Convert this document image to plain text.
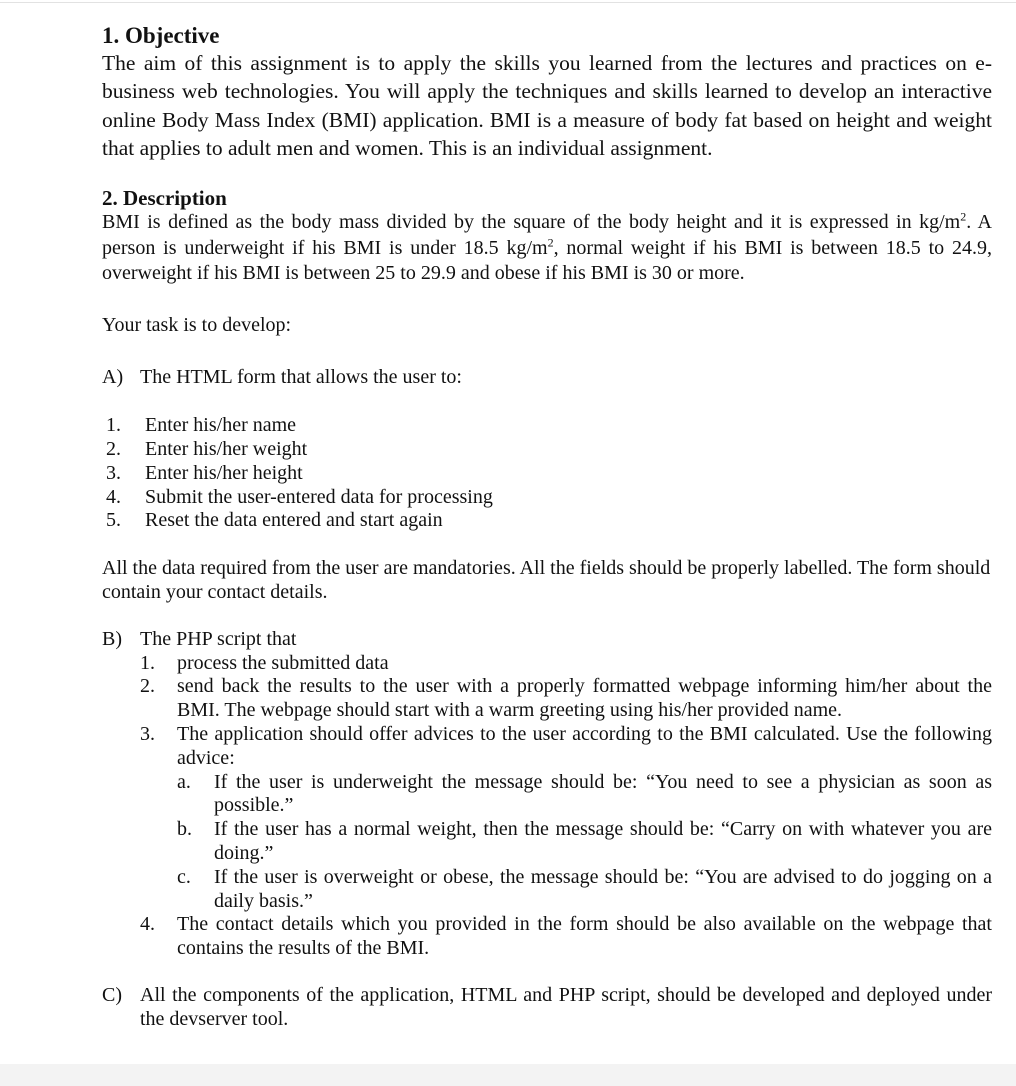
1. Objective

The aim of this assignment is to apply the skills you learned from the lectures and practices on e-business web technologies. You will apply the techniques and skills learned to develop an interactive online Body Mass Index (BMI) application. BMI is a measure of body fat based on height and weight that applies to adult men and women. This is an individual assignment.

2. Description

BMI is defined as the body mass divided by the square of the body height and it is expressed in $kg/m^2$. A person is underweight if his BMI is under 18.5 $kg/m^2$, normal weight if his BMI is between 18.5 to 24.9, overweight if his BMI is between 25 to 29.9 and obese if his BMI is 30 or more.

Your task is to develop:

A) The HTML form that allows the user to:
1. Enter his/her name
2. Enter his/her weight
3. Enter his/her height
4. Submit the user-entered data for processing
5. Reset the data entered and start again

All the data required from the user are mandatories. All the fields should be properly labelled. The form should contain your contact details.

B) The PHP script that
1. process the submitted data
2. send back the results to the user with a properly formatted webpage informing him/her about the BMI. The webpage should start with a warm greeting using his/her provided name.
3. The application should offer advices to the user according to the BMI calculated. Use the following advice:
a. If the user is underweight the message should be: “You need to see a physician as soon as possible.”
b. If the user has a normal weight, then the message should be: “Carry on with whatever you are doing.”
c. If the user is overweight or obese, the message should be: “You are advised to do jogging on a daily basis.”
4. The contact details which you provided in the form should be also available on the webpage that contains the results of the BMI.
C) All the components of the application, HTML and PHP script, should be developed and deployed under the devserver tool.
